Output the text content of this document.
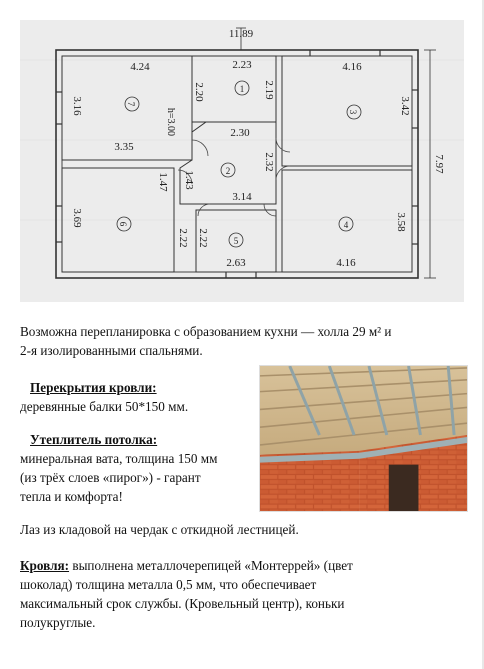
7
1
3
2
6
5
4
11.89
4.24	2.23	4.16
3.16
2.20	2.19
3.42
h=3.00	2.30
3.35
7.97
2.32
1.47 1.43
3.14
3.69
2.22 2.22
3.58
2.63	4.16
Возможна перепланировка с образованием кухни — холла 29 м² и
2-я изолированными спальнями.
Перекрытия кровли:
деревянные балки 50*150 мм.
Утеплитель потолка:
минеральная вата, толщина 150 мм
(из трёх слоев «пирог») - гарант
тепла и комфорта!
Лаз из кладовой на чердак с откидной лестницей.
Кровля: выполнена металлочерепицей «Монтеррей» (цвет
шоколад) толщина металла 0,5 мм, что обеспечивает
максимальный срок службы. (Кровельный центр), коньки
полукруглые.
